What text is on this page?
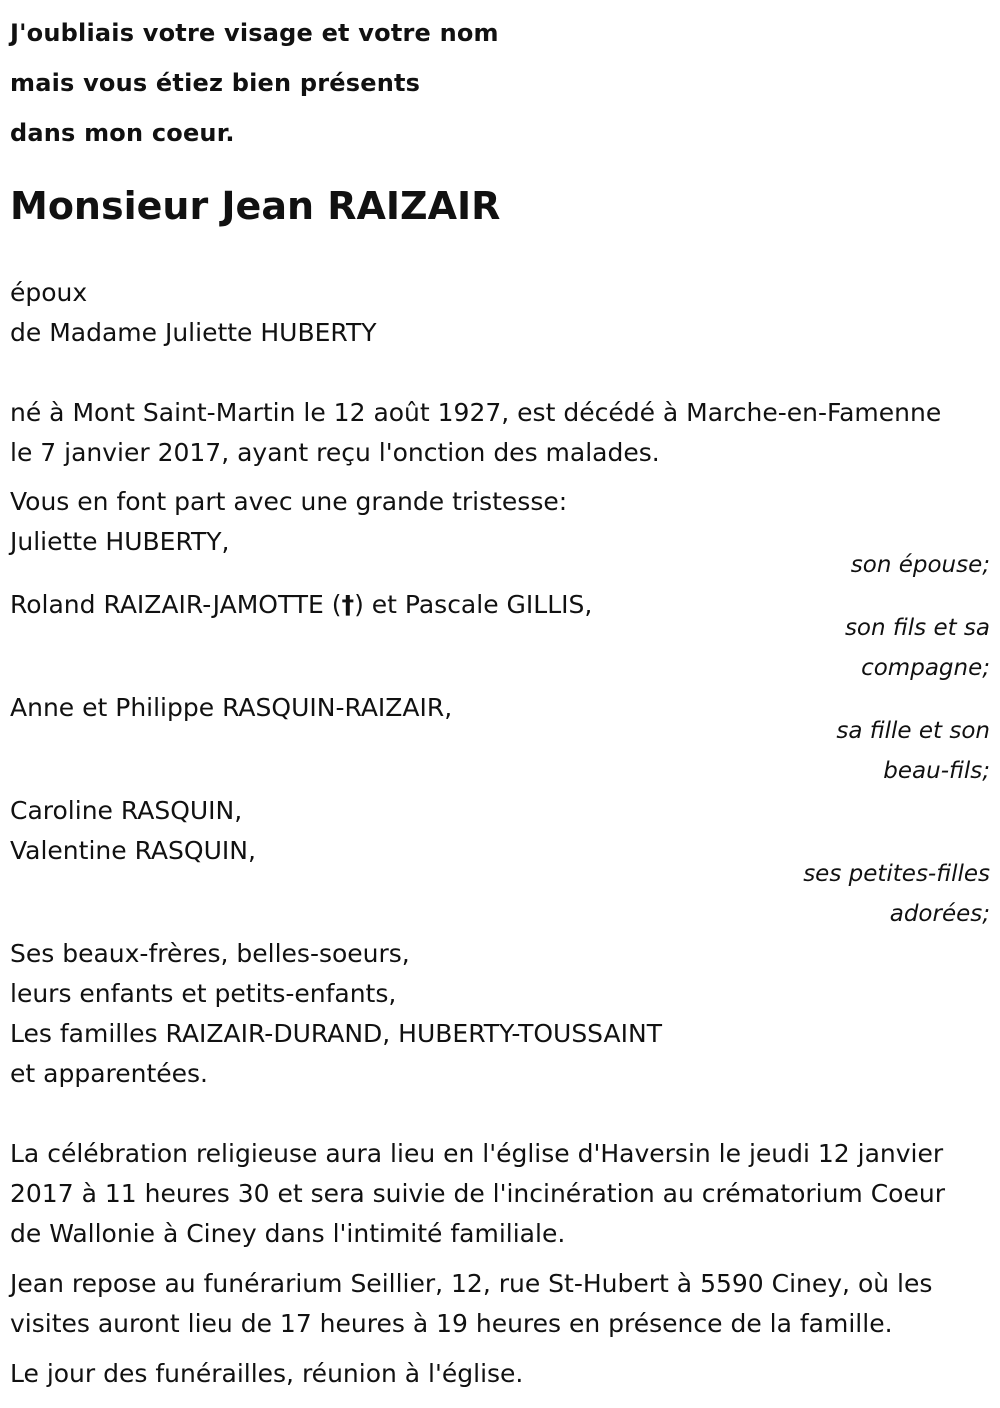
J'oubliais votre visage et votre nom
mais vous étiez bien présents
dans mon coeur.
Monsieur Jean RAIZAIR
époux
de Madame Juliette HUBERTY
né à Mont Saint-Martin le 12 août 1927, est décédé à Marche-en-Famenne
le 7 janvier 2017, ayant reçu l'onction des malades.
Vous en font part avec une grande tristesse:
Juliette HUBERTY,
son épouse;
Roland RAIZAIR-JAMOTTE (†) et Pascale GILLIS,
son fils et sa
compagne;
Anne et Philippe RASQUIN-RAIZAIR,
sa fille et son
beau-fils;
Caroline RASQUIN,
Valentine RASQUIN,
ses petites-filles
adorées;
Ses beaux-frères, belles-soeurs,
leurs enfants et petits-enfants,
Les familles RAIZAIR-DURAND, HUBERTY-TOUSSAINT
et apparentées.
La célébration religieuse aura lieu en l'église d'Haversin le jeudi 12 janvier
2017 à 11 heures 30 et sera suivie de l'incinération au crématorium Coeur
de Wallonie à Ciney dans l'intimité familiale.
Jean repose au funérarium Seillier, 12, rue St-Hubert à 5590 Ciney, où les
visites auront lieu de 17 heures à 19 heures en présence de la famille.
Le jour des funérailles, réunion à l'église.
